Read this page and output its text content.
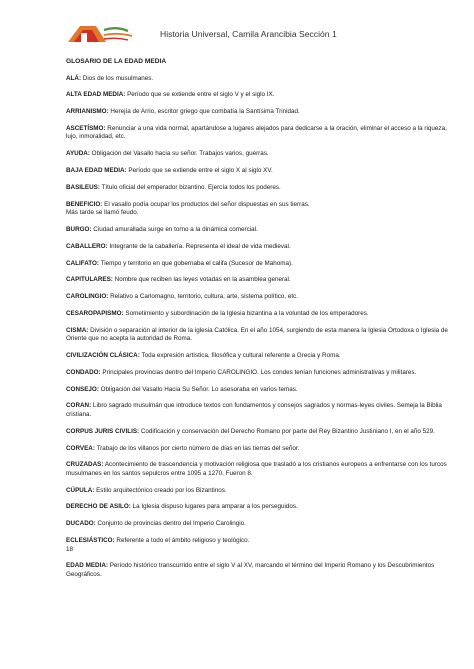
Historia Universal, Camila Arancibia Sección 1
GLOSARIO DE LA EDAD MEDIA
ALÁ: Dios de los musulmanes.
ALTA EDAD MEDIA: Período que se extiende entre el siglo V y el siglo IX.
ARRIANISMO: Herejía de Arrio, escritor griego que combatía la Santísima Trinidad.
ASCETÍSMO: Renunciar a una vida normal, apartándose a lugares alejados para dedicarse a la oración, eliminar el acceso a la riqueza, lujo, inmoralidad, etc.
AYUDA: Obligación del Vasallo hacia su señor. Trabajos varios, guerras.
BAJA EDAD MEDIA: Período que se extiende entre el siglo X al siglo XV.
BASILEUS: Título oficial del emperador bizantino. Ejercía todos los poderes.
BENEFICIO: El vasallo podía ocupar los productos del señor dispuestas en sus tierras.
Más tarde se llamó feudo.
BURGO: Ciudad amurallada surge en torno a la dinámica comercial.
CABALLERO: Integrante de la caballería. Representa el ideal de vida medieval.
CALIFATO: Tiempo y territorio en que gobernaba el califa (Sucesor de Mahoma).
CAPITULARES: Nombre que reciben las leyes votadas en la asamblea general.
CAROLINGIO: Relativo a Carlomagno, territorio, cultura, arte, sistema político, etc.
CESAROPAPISMO: Sometimiento y subordinación de la Iglesia bizantina a la voluntad de los emperadores.
CISMA: División o separación al interior de la iglesia Católica. En el año 1054, surgiendo de esta manera la Iglesia Ortodoxa o Iglesia de Oriente que no acepta la autoridad de Roma.
CIVILIZACIÓN CLÁSICA: Toda expresión artística, filosófica y cultural referente a Grecia y Roma.
CONDADO: Principales provincias dentro del Imperio CAROLINGIO. Los condes tenían funciones administrativas y militares.
CONSEJO: Obligación del Vasallo Hacia Su Señor. Lo asesoraba en varios temas.
CORAN: Libro sagrado musulmán que introduce textos con fundamentos y consejos sagrados y normas-leyes civiles. Semeja la Biblia cristiana.
CORPUS JURIS CIVILIS: Codificación y conservación del Derecho Romano por parte del Rey Bizantino Justiniano I, en el año 529.
CORVEA: Trabajo de los villanos por cierto número de días en las tierras del señor.
CRUZADAS: Acontecimiento de trascendencia y motivación religiosa que trasladó a los cristianos europeos a enfrentarse con los turcos musulmanes en los santos sepulcros entre 1095 a 1270. Fueron 8.
CÚPULA: Estilo arquitectónico creado por los Bizantinos.
DERECHO DE ASILO: La Iglesia dispuso lugares para amparar a los perseguidos.
DUCADO: Conjunto de provincias dentro del Imperio Carolingio.
ECLESIÁSTICO: Referente a todo el ámbito religioso y teológico.
18
EDAD MEDIA: Período histórico transcurrido entre el siglo V al XV, marcando el término del Imperio Romano y los Descubrimientos Geográficos.
